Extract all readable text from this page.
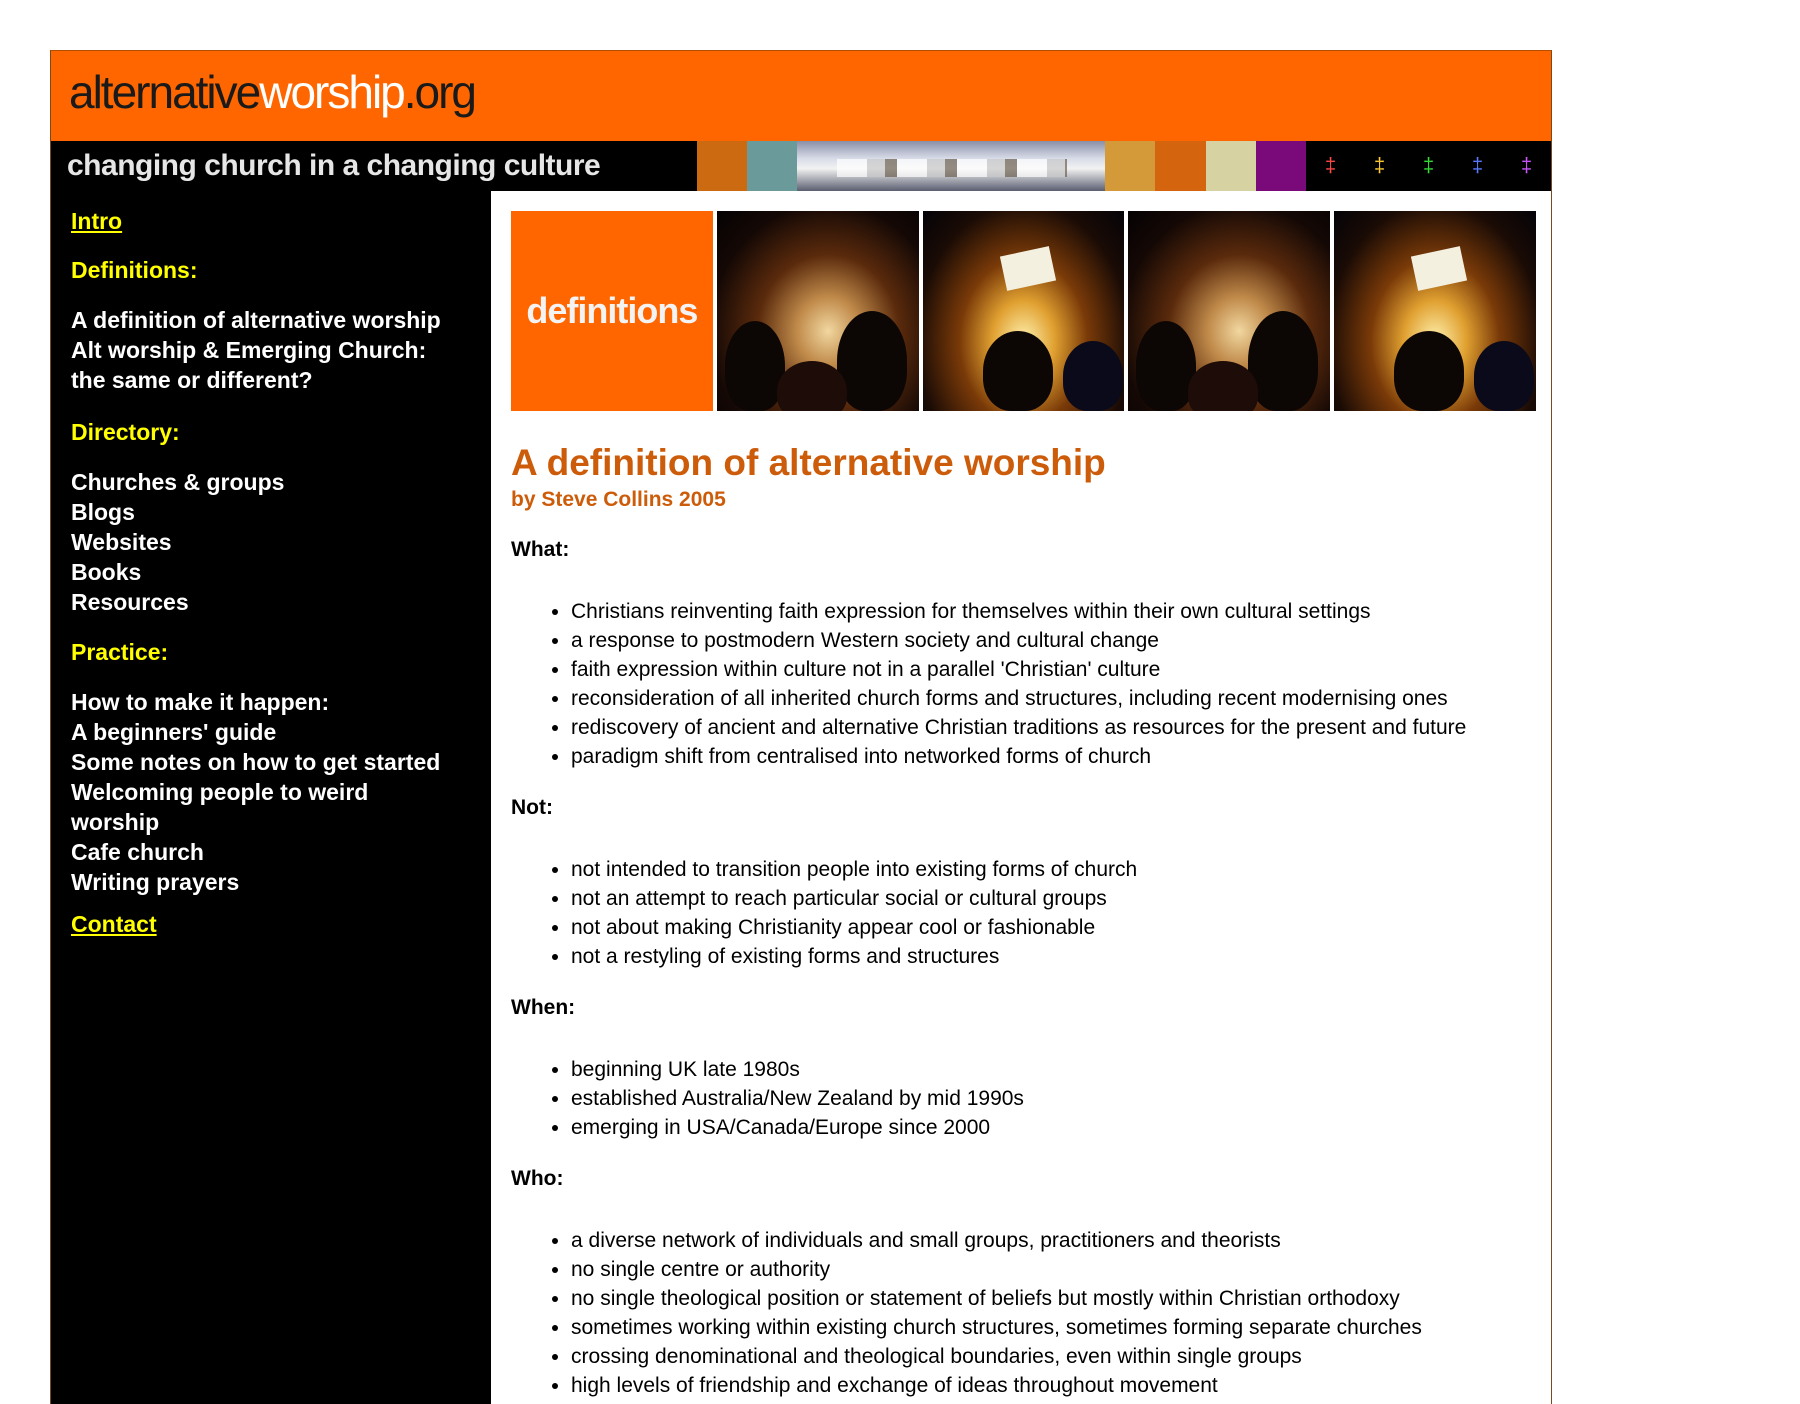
alternativeworship.org
changing church in a changing culture	‡	‡	‡	‡	‡
Intro
Definitions:
A definition of alternative worship
Alt worship & Emerging Church:
the same or different?
Directory:
Churches & groups
Blogs
Websites
Books
Resources
Practice:
How to make it happen:
A beginners' guide
Some notes on how to get started
Welcoming people to weird
worship
Cafe church
Writing prayers
Contact
definitions
A definition of alternative worship
by Steve Collins 2005
What:
• Christians reinventing faith expression for themselves within their own cultural settings
• a response to postmodern Western society and cultural change
• faith expression within culture not in a parallel 'Christian' culture
• reconsideration of all inherited church forms and structures, including recent modernising ones
• rediscovery of ancient and alternative Christian traditions as resources for the present and future
• paradigm shift from centralised into networked forms of church
Not:
• not intended to transition people into existing forms of church
• not an attempt to reach particular social or cultural groups
• not about making Christianity appear cool or fashionable
• not a restyling of existing forms and structures
When:
• beginning UK late 1980s
• established Australia/New Zealand by mid 1990s
• emerging in USA/Canada/Europe since 2000
Who:
• a diverse network of individuals and small groups, practitioners and theorists
• no single centre or authority
• no single theological position or statement of beliefs but mostly within Christian orthodoxy
• sometimes working within existing church structures, sometimes forming separate churches
• crossing denominational and theological boundaries, even within single groups
• high levels of friendship and exchange of ideas throughout movement
